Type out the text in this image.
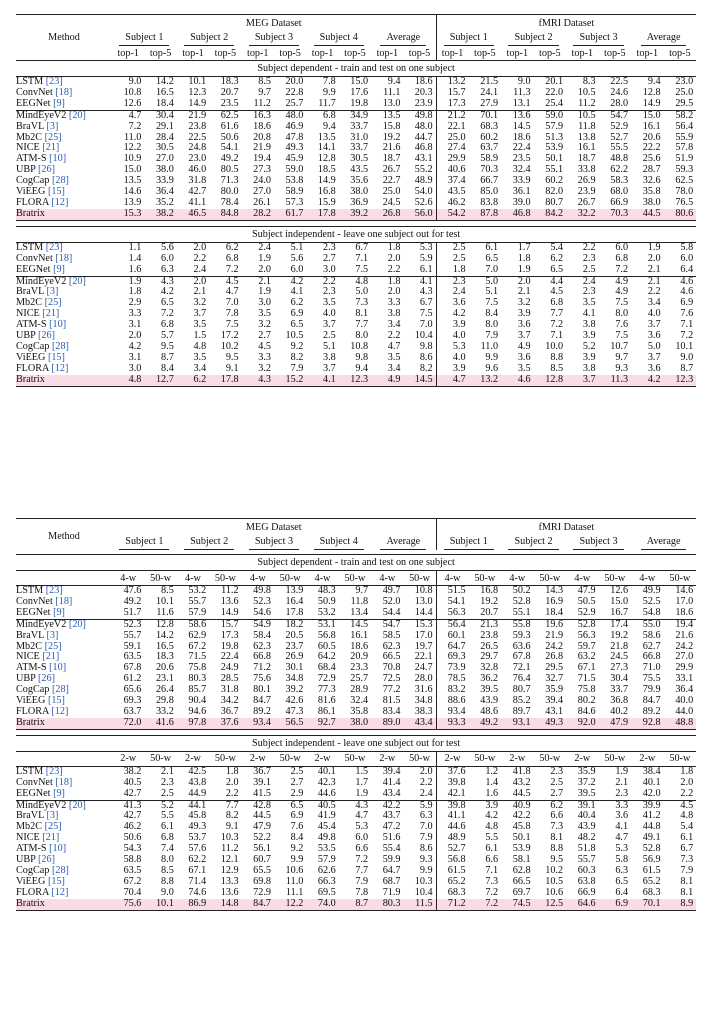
Method	MEG Dataset										fMRI Dataset							
	Subject 1		Subject 2		Subject 3		Subject 4		Average		Subject 1		Subject 2		Subject 3		Average	
	top-1	top-5	top-1	top-5	top-1	top-5	top-1	top-5	top-1	top-5	top-1	top-5	top-1	top-5	top-1	top-5	top-1	top-5
Subject dependent - train and test on one subject																		
LSTM [23]	9.0	14.2	10.1	18.3	8.5	20.0	7.8	15.0	9.4	18.6	13.2	21.5	9.0	20.1	8.3	22.5	9.4	23.0
ConvNet [18]	10.8	16.5	12.3	20.7	9.7	22.8	9.9	17.6	11.1	20.3	15.7	24.1	11.3	22.0	10.5	24.6	12.8	25.0
EEGNet [9]	12.6	18.4	14.9	23.5	11.2	25.7	11.7	19.8	13.0	23.9	17.3	27.9	13.1	25.4	11.2	28.0	14.9	29.5
MindEyeV2 [20]	4.7	30.4	21.9	62.5	16.3	48.0	6.8	34.9	13.5	49.8	21.2	70.1	13.6	59.0	10.5	54.7	15.0	58.2
BraVL [3]	7.2	29.1	23.8	61.6	18.6	46.9	9.4	33.7	15.8	48.0	22.1	68.3	14.5	57.9	11.8	52.9	16.1	56.4
Mb2C [25]	11.0	28.4	22.5	50.6	20.8	47.8	13.5	31.0	19.2	44.7	25.0	60.2	18.6	51.3	13.8	52.7	20.6	55.9
NICE [21]	12.2	30.5	24.8	54.1	21.9	49.3	14.1	33.7	21.6	46.8	27.4	63.7	22.4	53.9	16.1	55.5	22.2	57.8
ATM-S [10]	10.9	27.0	23.0	49.2	19.4	45.9	12.8	30.5	18.7	43.1	29.9	58.9	23.5	50.1	18.7	48.8	25.6	51.9
UBP [26]	15.0	38.0	46.0	80.5	27.3	59.0	18.5	43.5	26.7	55.2	40.6	70.3	32.4	55.1	33.8	62.2	28.7	59.3
CogCap [28]	13.5	33.9	31.8	71.3	24.0	53.8	14.9	35.6	22.7	48.9	37.4	66.7	33.9	60.2	26.9	58.3	32.6	62.5
ViEEG [15]	14.6	36.4	42.7	80.0	27.0	58.9	16.8	38.0	25.0	54.0	43.5	85.0	36.1	82.0	23.9	68.0	35.8	78.0
FLORA [12]	13.9	35.2	41.1	78.4	26.1	57.3	15.9	36.9	24.5	52.6	46.2	83.8	39.0	80.7	26.7	66.9	38.0	76.5
Bratrix	15.3	38.2	46.5	84.8	28.2	61.7	17.8	39.2	26.8	56.0	54.2	87.8	46.8	84.2	32.2	70.3	44.5	80.6

Subject independent - leave one subject out for test																		
LSTM [23]	1.1	5.6	2.0	6.2	2.4	5.1	2.3	6.7	1.8	5.3	2.5	6.1	1.7	5.4	2.2	6.0	1.9	5.8
ConvNet [18]	1.4	6.0	2.2	6.8	1.9	5.6	2.7	7.1	2.0	5.9	2.5	6.5	1.8	6.2	2.3	6.8	2.0	6.0
EEGNet [9]	1.6	6.3	2.4	7.2	2.0	6.0	3.0	7.5	2.2	6.1	1.8	7.0	1.9	6.5	2.5	7.2	2.1	6.4
MindEyeV2 [20]	1.9	4.3	2.0	4.5	2.1	4.2	2.2	4.8	1.8	4.1	2.3	5.0	2.0	4.4	2.4	4.9	2.1	4.6
BraVL [3]	1.8	4.2	2.1	4.7	1.9	4.1	2.3	5.0	2.0	4.3	2.4	5.1	2.1	4.5	2.3	4.9	2.2	4.6
Mb2C [25]	2.9	6.5	3.2	7.0	3.0	6.2	3.5	7.3	3.3	6.7	3.6	7.5	3.2	6.8	3.5	7.5	3.4	6.9
NICE [21]	3.3	7.2	3.7	7.8	3.5	6.9	4.0	8.1	3.8	7.5	4.2	8.4	3.9	7.7	4.1	8.0	4.0	7.6
ATM-S [10]	3.1	6.8	3.5	7.5	3.2	6.5	3.7	7.7	3.4	7.0	3.9	8.0	3.6	7.2	3.8	7.6	3.7	7.1
UBP [26]	2.0	5.7	1.5	17.2	2.7	10.5	2.5	8.0	2.2	10.4	4.0	7.9	3.7	7.1	3.9	7.5	3.6	7.2
CogCap [28]	4.2	9.5	4.8	10.2	4.5	9.2	5.1	10.8	4.7	9.8	5.3	11.0	4.9	10.0	5.2	10.7	5.0	10.1
ViEEG [15]	3.1	8.7	3.5	9.5	3.3	8.2	3.8	9.8	3.5	8.6	4.0	9.9	3.6	8.8	3.9	9.7	3.7	9.0
FLORA [12]	3.0	8.4	3.4	9.1	3.2	7.9	3.7	9.4	3.4	8.2	3.9	9.6	3.5	8.5	3.8	9.3	3.6	8.7
Bratrix	4.8	12.7	6.2	17.8	4.3	15.2	4.1	12.3	4.9	14.5	4.7	13.2	4.6	12.8	3.7	11.3	4.2	12.3
Method	MEG Dataset										fMRI Dataset							
	Subject 1		Subject 2		Subject 3		Subject 4		Average		Subject 1		Subject 2		Subject 3		Average	

Subject dependent - train and test on one subject																		
	4-w	50-w	4-w	50-w	4-w	50-w	4-w	50-w	4-w	50-w	4-w	50-w	4-w	50-w	4-w	50-w	4-w	50-w
LSTM [23]	47.6	8.5	53.2	11.2	49.8	13.9	48.3	9.7	49.7	10.8	51.5	16.8	50.2	14.3	47.9	12.6	49.9	14.6
ConvNet [18]	49.2	10.1	55.7	13.6	52.3	16.4	50.9	11.8	52.0	13.0	54.1	19.2	52.8	16.9	50.5	15.0	52.5	17.0
EEGNet [9]	51.7	11.6	57.9	14.9	54.6	17.8	53.2	13.4	54.4	14.4	56.3	20.7	55.1	18.4	52.9	16.7	54.8	18.6
MindEyeV2 [20]	52.3	12.8	58.6	15.7	54.9	18.2	53.1	14.5	54.7	15.3	56.4	21.3	55.8	19.6	52.8	17.4	55.0	19.4
BraVL [3]	55.7	14.2	62.9	17.3	58.4	20.5	56.8	16.1	58.5	17.0	60.1	23.8	59.3	21.9	56.3	19.2	58.6	21.6
Mb2C [25]	59.1	16.5	67.2	19.8	62.3	23.7	60.5	18.6	62.3	19.7	64.7	26.5	63.6	24.2	59.7	21.8	62.7	24.2
NICE [21]	63.5	18.3	71.5	22.4	66.8	26.9	64.2	20.9	66.5	22.1	69.3	29.7	67.8	26.8	63.2	24.5	66.8	27.0
ATM-S [10]	67.8	20.6	75.8	24.9	71.2	30.1	68.4	23.3	70.8	24.7	73.9	32.8	72.1	29.5	67.1	27.3	71.0	29.9
UBP [26]	61.2	23.1	80.3	28.5	75.6	34.8	72.9	25.7	72.5	28.0	78.5	36.2	76.4	32.7	71.5	30.4	75.5	33.1
CogCap [28]	65.6	26.4	85.7	31.8	80.1	39.2	77.3	28.9	77.2	31.6	83.2	39.5	80.7	35.9	75.8	33.7	79.9	36.4
ViEEG [15]	69.3	29.8	90.4	34.2	84.7	42.6	81.6	32.4	81.5	34.8	88.6	43.9	85.2	39.4	80.2	36.8	84.7	40.0
FLORA [12]	63.7	33.2	94.6	36.7	89.2	47.3	86.1	35.8	83.4	38.3	93.4	48.6	89.7	43.1	84.6	40.2	89.2	44.0
Bratrix	72.0	41.6	97.8	37.6	93.4	56.5	92.7	38.0	89.0	43.4	93.3	49.2	93.1	49.3	92.0	47.9	92.8	48.8

Subject independent - leave one subject out for test																		
	2-w	50-w	2-w	50-w	2-w	50-w	2-w	50-w	2-w	50-w	2-w	50-w	2-w	50-w	2-w	50-w	2-w	50-w
LSTM [23]	38.2	2.1	42.5	1.8	36.7	2.5	40.1	1.5	39.4	2.0	37.6	1.2	41.8	2.3	35.9	1.9	38.4	1.8
ConvNet [18]	40.5	2.3	43.8	2.0	39.1	2.7	42.3	1.7	41.4	2.2	39.8	1.4	43.2	2.5	37.2	2.1	40.1	2.0
EEGNet [9]	42.7	2.5	44.9	2.2	41.5	2.9	44.6	1.9	43.4	2.4	42.1	1.6	44.5	2.7	39.5	2.3	42.0	2.2
MindEyeV2 [20]	41.3	5.2	44.1	7.7	42.8	6.5	40.5	4.3	42.2	5.9	39.8	3.9	40.9	6.2	39.1	3.3	39.9	4.5
BraVL [3]	42.7	5.5	45.8	8.2	44.5	6.9	41.9	4.7	43.7	6.3	41.1	4.2	42.2	6.6	40.4	3.6	41.2	4.8
Mb2C [25]	46.2	6.1	49.3	9.1	47.9	7.6	45.4	5.3	47.2	7.0	44.6	4.8	45.8	7.3	43.9	4.1	44.8	5.4
NICE [21]	50.6	6.8	53.7	10.3	52.2	8.4	49.8	6.0	51.6	7.9	48.9	5.5	50.1	8.1	48.2	4.7	49.1	6.1
ATM-S [10]	54.3	7.4	57.6	11.2	56.1	9.2	53.5	6.6	55.4	8.6	52.7	6.1	53.9	8.8	51.8	5.3	52.8	6.7
UBP [26]	58.8	8.0	62.2	12.1	60.7	9.9	57.9	7.2	59.9	9.3	56.8	6.6	58.1	9.5	55.7	5.8	56.9	7.3
CogCap [28]	63.5	8.5	67.1	12.9	65.5	10.6	62.6	7.7	64.7	9.9	61.5	7.1	62.8	10.2	60.3	6.3	61.5	7.9
ViEEG [15]	67.2	8.8	71.4	13.3	69.8	11.0	66.3	7.9	68.7	10.3	65.2	7.3	66.5	10.5	63.8	6.5	65.2	8.1
FLORA [12]	70.4	9.0	74.6	13.6	72.9	11.1	69.5	7.8	71.9	10.4	68.3	7.2	69.7	10.6	66.9	6.4	68.3	8.1
Bratrix	75.6	10.1	86.9	14.8	84.7	12.2	74.0	8.7	80.3	11.5	71.2	7.2	74.5	12.5	64.6	6.9	70.1	8.9
